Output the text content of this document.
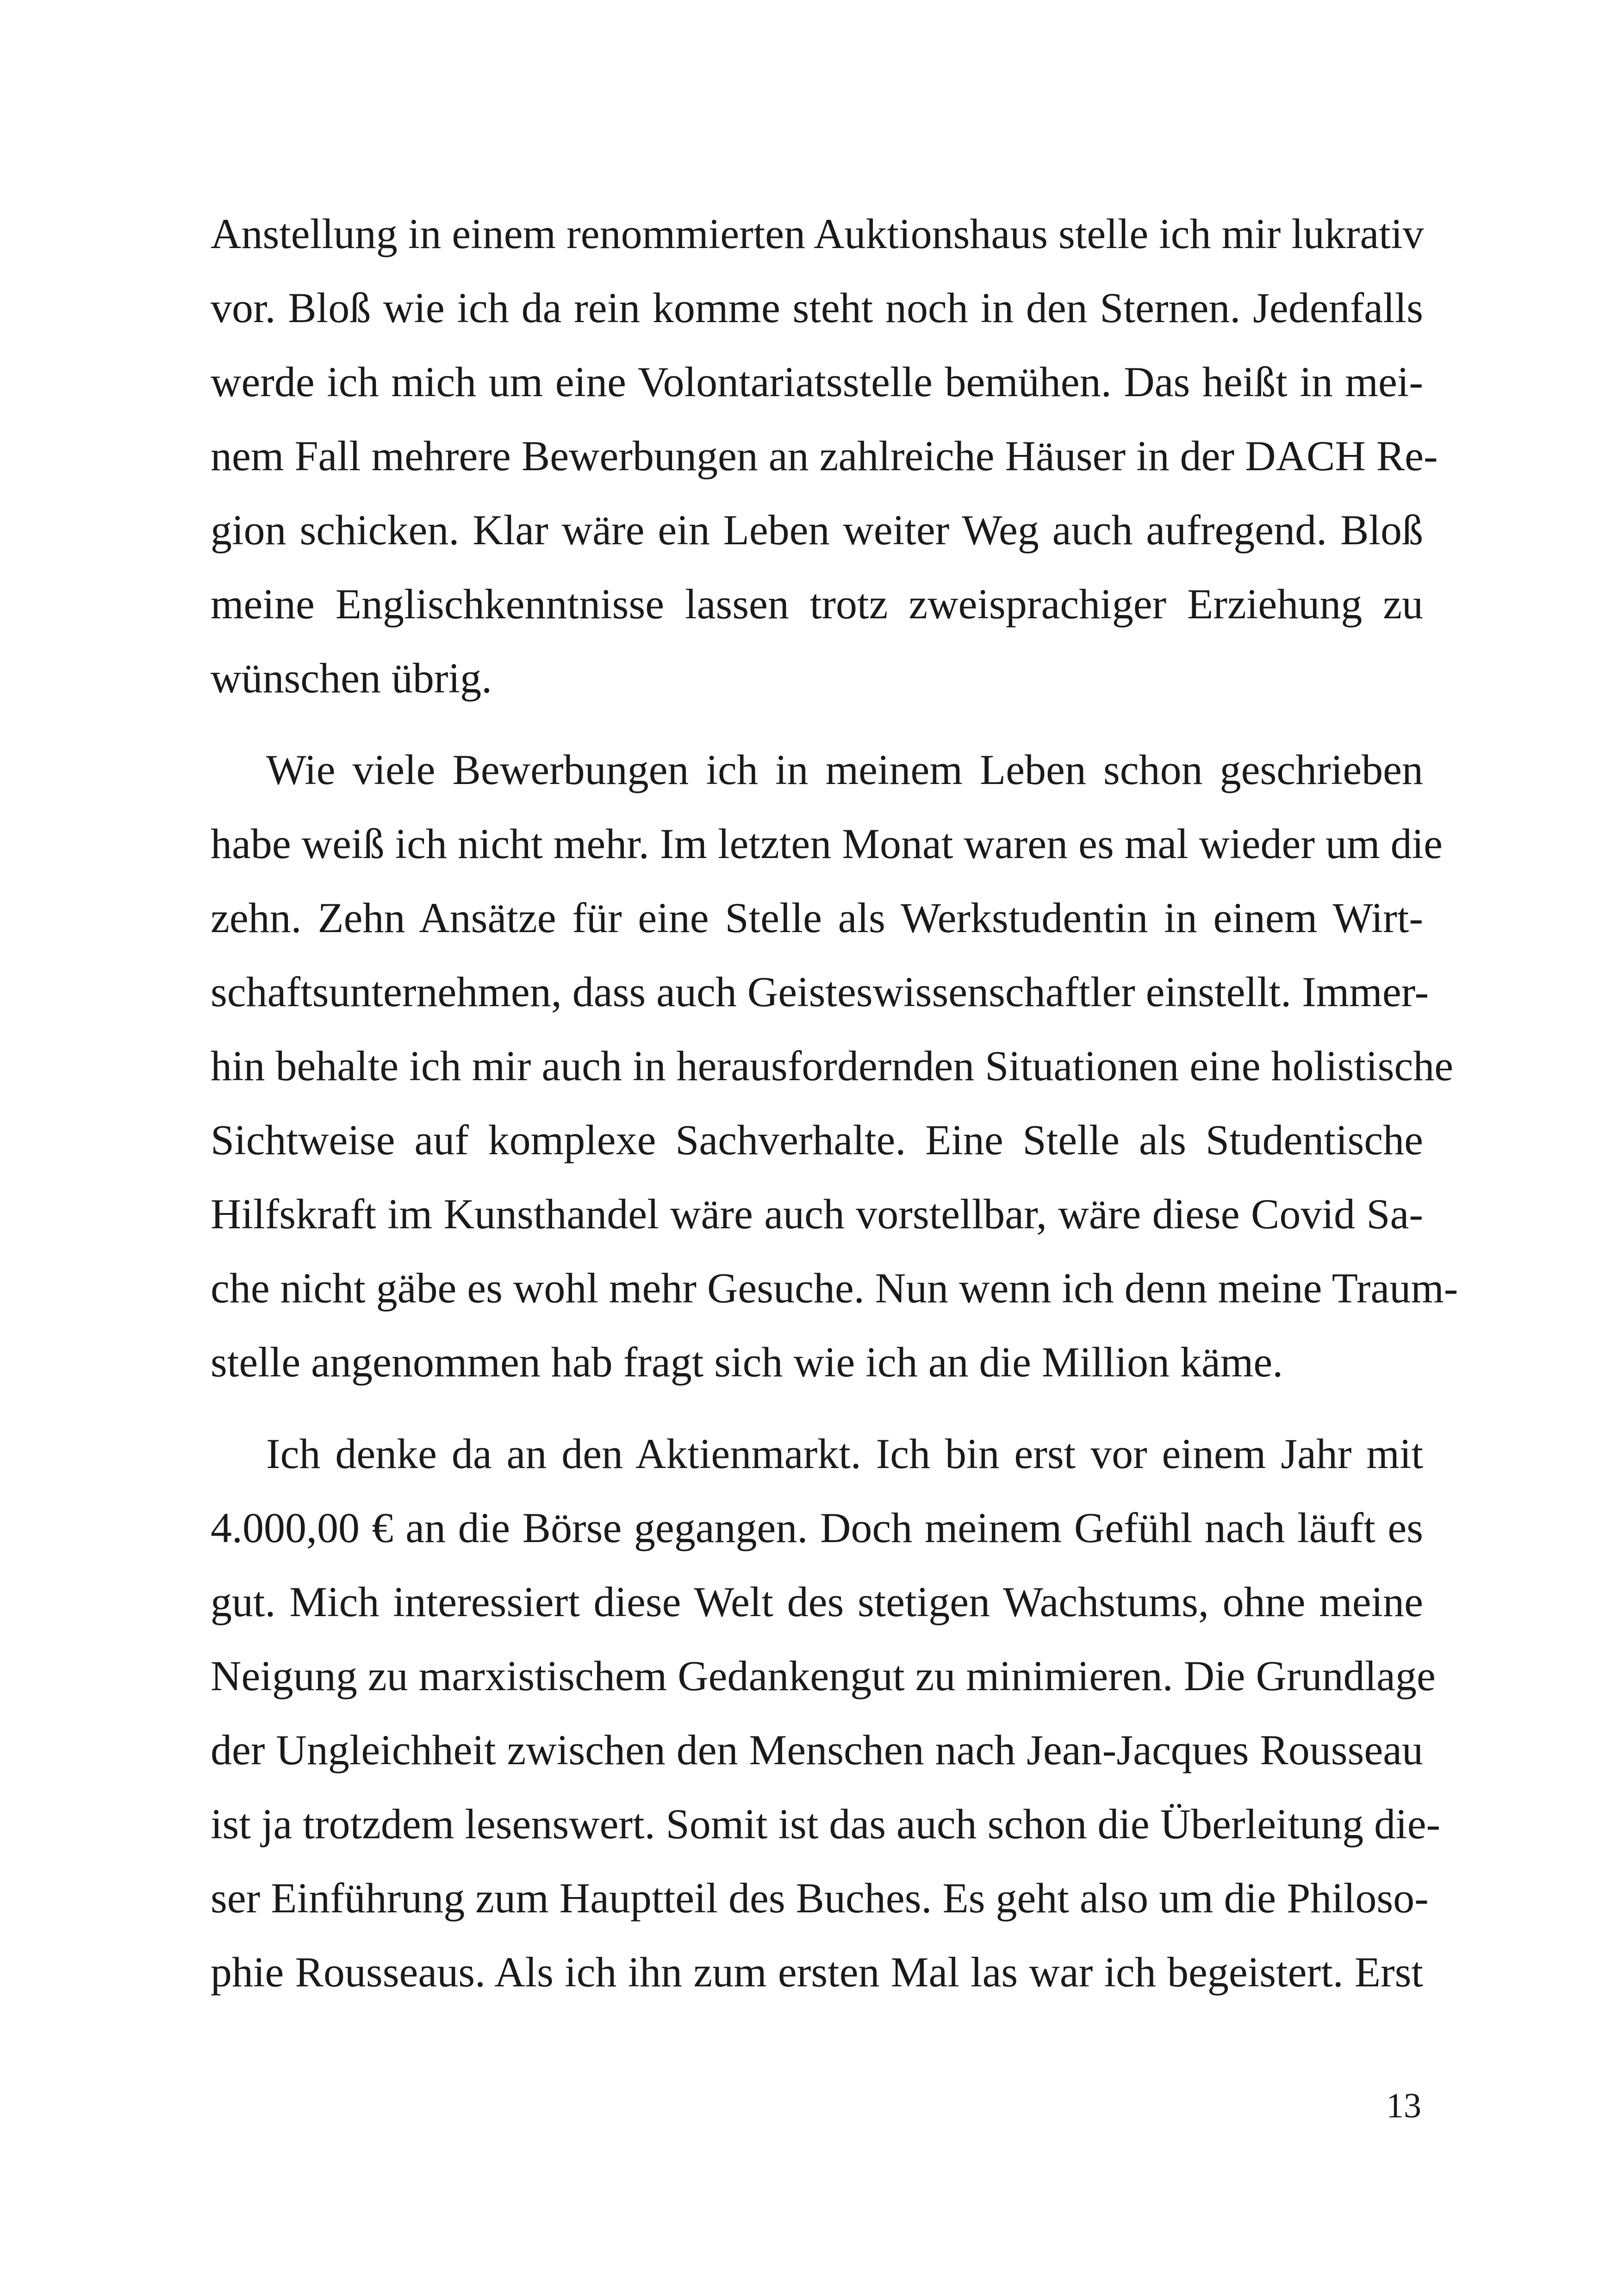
Anstellung in einem renommierten Auktionshaus stelle ich mir lukrativ
vor. Bloß wie ich da rein komme steht noch in den Sternen. Jedenfalls
werde ich mich um eine Volontariatsstelle bemühen. Das heißt in mei-
nem Fall mehrere Bewerbungen an zahlreiche Häuser in der DACH Re-
gion schicken. Klar wäre ein Leben weiter Weg auch aufregend. Bloß
meine Englischkenntnisse lassen trotz zweisprachiger Erziehung zu
wünschen übrig.
Wie viele Bewerbungen ich in meinem Leben schon geschrieben
habe weiß ich nicht mehr. Im letzten Monat waren es mal wieder um die
zehn. Zehn Ansätze für eine Stelle als Werkstudentin in einem Wirt-
schaftsunternehmen, dass auch Geisteswissenschaftler einstellt. Immer-
hin behalte ich mir auch in herausfordernden Situationen eine holistische
Sichtweise auf komplexe Sachverhalte. Eine Stelle als Studentische
Hilfskraft im Kunsthandel wäre auch vorstellbar, wäre diese Covid Sa-
che nicht gäbe es wohl mehr Gesuche. Nun wenn ich denn meine Traum-
stelle angenommen hab fragt sich wie ich an die Million käme.
Ich denke da an den Aktienmarkt. Ich bin erst vor einem Jahr mit
4.000,00 € an die Börse gegangen. Doch meinem Gefühl nach läuft es
gut. Mich interessiert diese Welt des stetigen Wachstums, ohne meine
Neigung zu marxistischem Gedankengut zu minimieren. Die Grundlage
der Ungleichheit zwischen den Menschen nach Jean-Jacques Rousseau
ist ja trotzdem lesenswert. Somit ist das auch schon die Überleitung die-
ser Einführung zum Hauptteil des Buches. Es geht also um die Philoso-
phie Rousseaus. Als ich ihn zum ersten Mal las war ich begeistert. Erst
13
